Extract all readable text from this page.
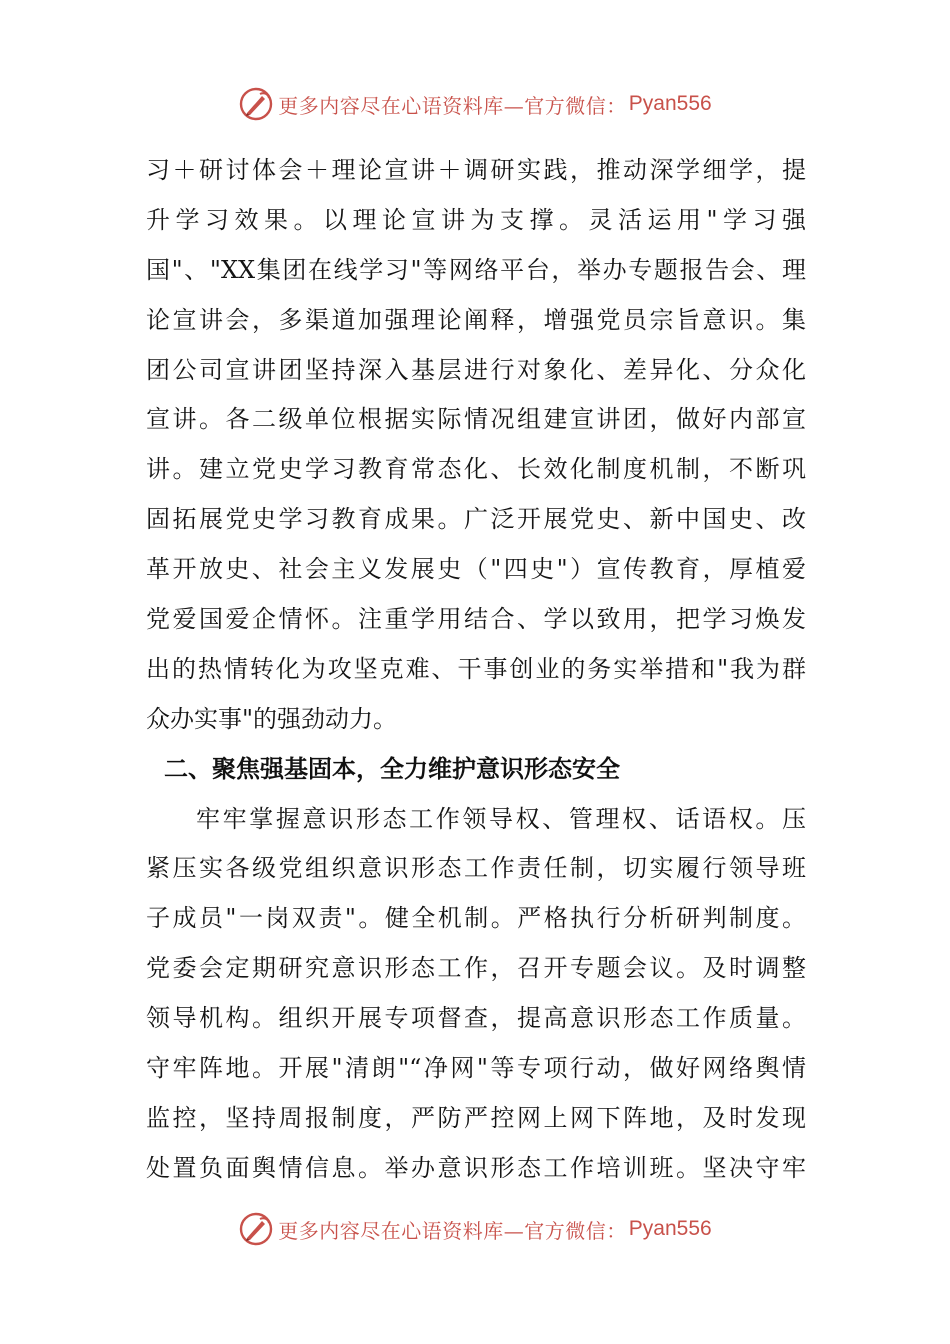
更多内容尽在心语资料库—官方微信： Pyan556
习＋研讨体会＋理论宣讲＋调研实践，推动深学细学，提
升学习效果。以理论宣讲为支撑。灵活运用"学习强
国"、"XX集团在线学习"等网络平台，举办专题报告会、理
论宣讲会，多渠道加强理论阐释，增强党员宗旨意识。集
团公司宣讲团坚持深入基层进行对象化、差异化、分众化
宣讲。各二级单位根据实际情况组建宣讲团，做好内部宣
讲。建立党史学习教育常态化、长效化制度机制，不断巩
固拓展党史学习教育成果。广泛开展党史、新中国史、改
革开放史、社会主义发展史（"四史"）宣传教育，厚植爱
党爱国爱企情怀。注重学用结合、学以致用，把学习焕发
出的热情转化为攻坚克难、干事创业的务实举措和"我为群
众办实事"的强劲动力。
二、聚焦强基固本，全力维护意识形态安全
牢牢掌握意识形态工作领导权、管理权、话语权。压
紧压实各级党组织意识形态工作责任制，切实履行领导班
子成员"一岗双责"。健全机制。严格执行分析研判制度。
党委会定期研究意识形态工作，召开专题会议。及时调整
领导机构。组织开展专项督查，提高意识形态工作质量。
守牢阵地。开展"清朗"“净网"等专项行动，做好网络舆情
监控，坚持周报制度，严防严控网上网下阵地，及时发现
处置负面舆情信息。举办意识形态工作培训班。坚决守牢
更多内容尽在心语资料库—官方微信： Pyan556
